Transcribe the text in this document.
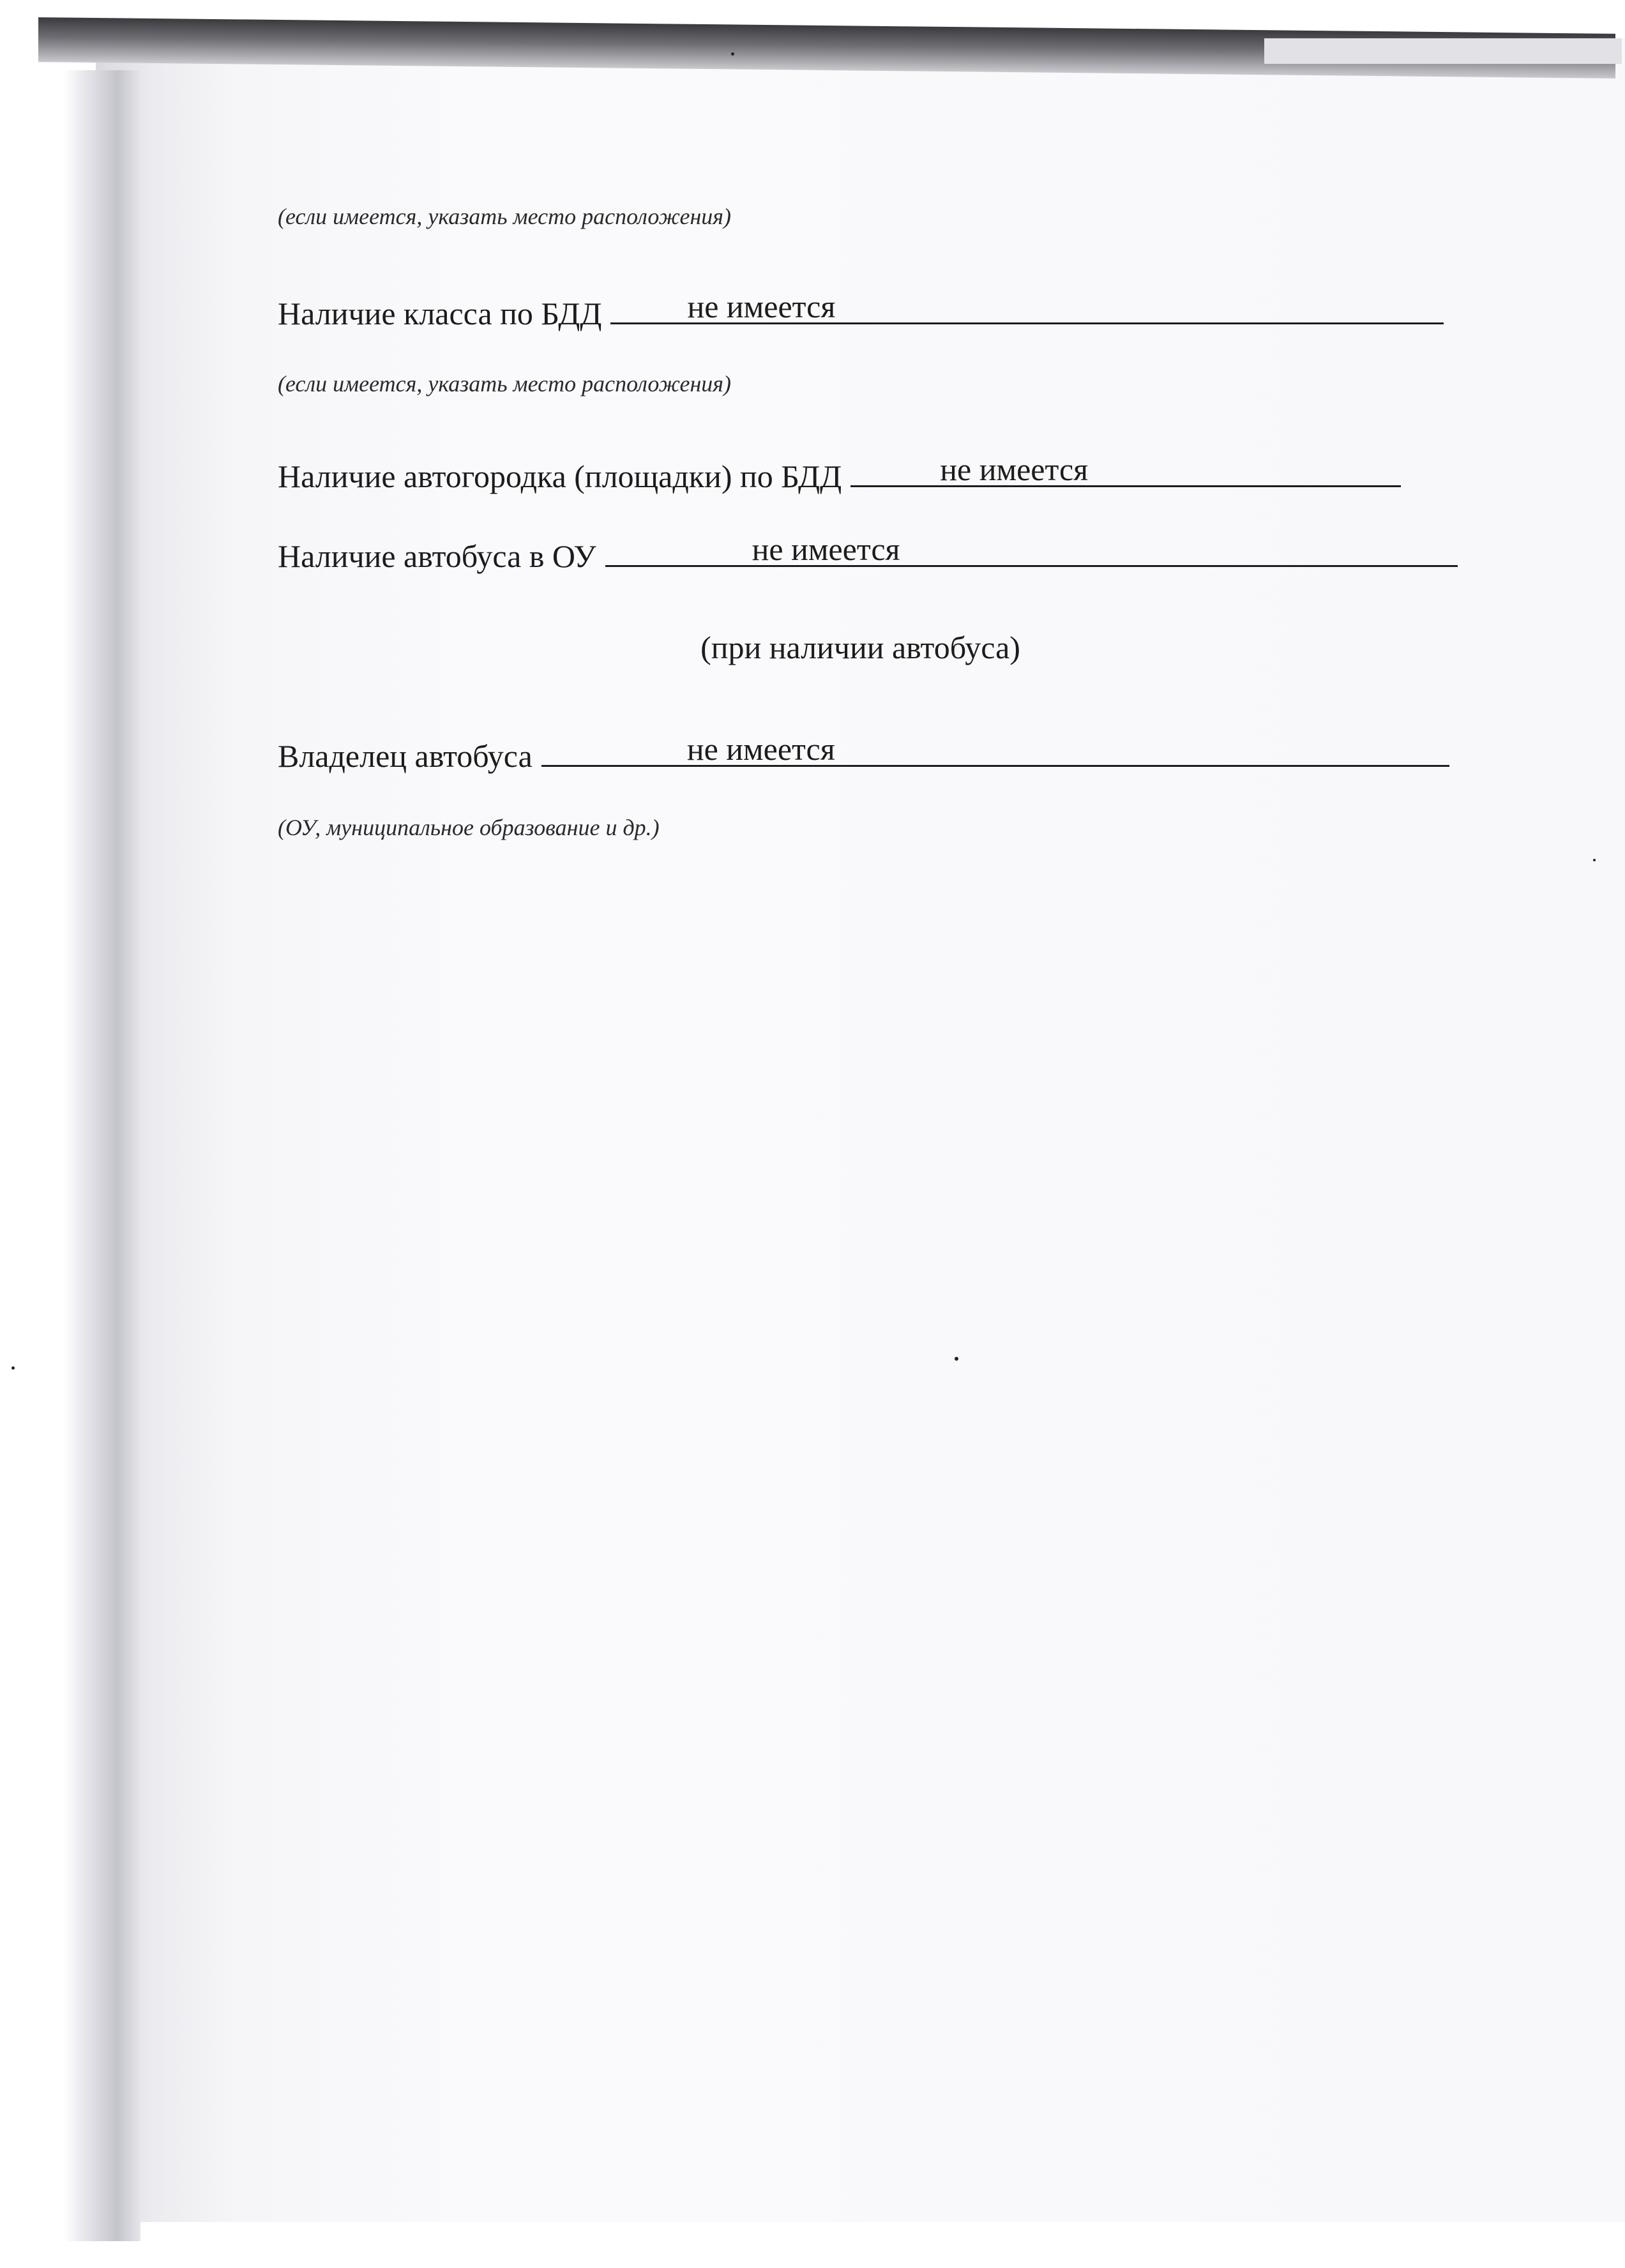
(если имеется, указать место расположения)
Наличие класса по БДД	не имеется
(если имеется, указать место расположения)
Наличие автогородка (площадки) по БДД	не имеется
Наличие автобуса в ОУ	не имеется
(при наличии автобуса)
Владелец автобуса	не имеется
(ОУ, муниципальное образование и др.)
